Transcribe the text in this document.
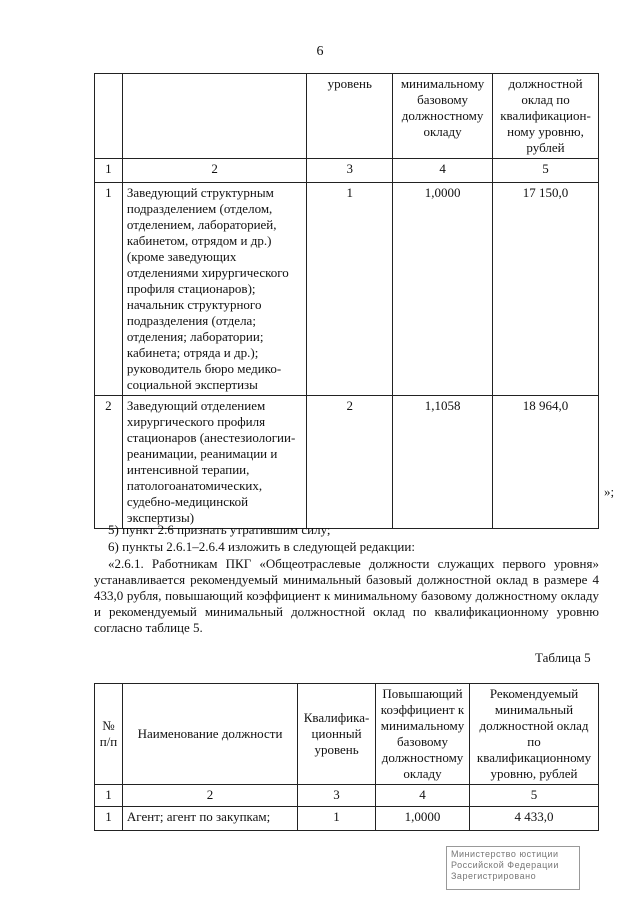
6
		уровень	минимальному базовому должностному окладу	должностной оклад по квалификацион-ному уровню, рублей
1	2	3	4	5
1	Заведующий структурным подразделением (отделом, отделением, лабораторией, кабинетом, отрядом и др.) (кроме заведующих отделениями хирургического профиля стационаров); начальник структурного подразделения (отдела; отделения; лаборатории; кабинета; отряда и др.); руководитель бюро медико-социальной экспертизы	1	1,0000	17 150,0
2	Заведующий отделением хирургического профиля стационаров (анестезиологии-реанимации, реанимации и интенсивной терапии, патологоанатомических, судебно-медицинской экспертизы)	2	1,1058	18 964,0
»;
5) пункт 2.6 признать утратившим силу;
6) пункты 2.6.1–2.6.4 изложить в следующей редакции:
«2.6.1. Работникам ПКГ «Общеотраслевые должности служащих первого уровня» устанавливается рекомендуемый минимальный базовый должностной оклад в размере 4 433,0 рубля, повышающий коэффициент к минимальному базовому должностному окладу и рекомендуемый минимальный должностной оклад по квалификационному уровню согласно таблице 5.
Таблица 5
№ п/п	Наименование должности	Квалифика-ционный уровень	Повышающий коэффициент к минимальному базовому должностному окладу	Рекомендуемый минимальный должностной оклад по квалификационному уровню, рублей
1	2	3	4	5
1	Агент; агент по закупкам;	1	1,0000	4 433,0
Министерство юстиции
Российской Федерации
Зарегистрировано
